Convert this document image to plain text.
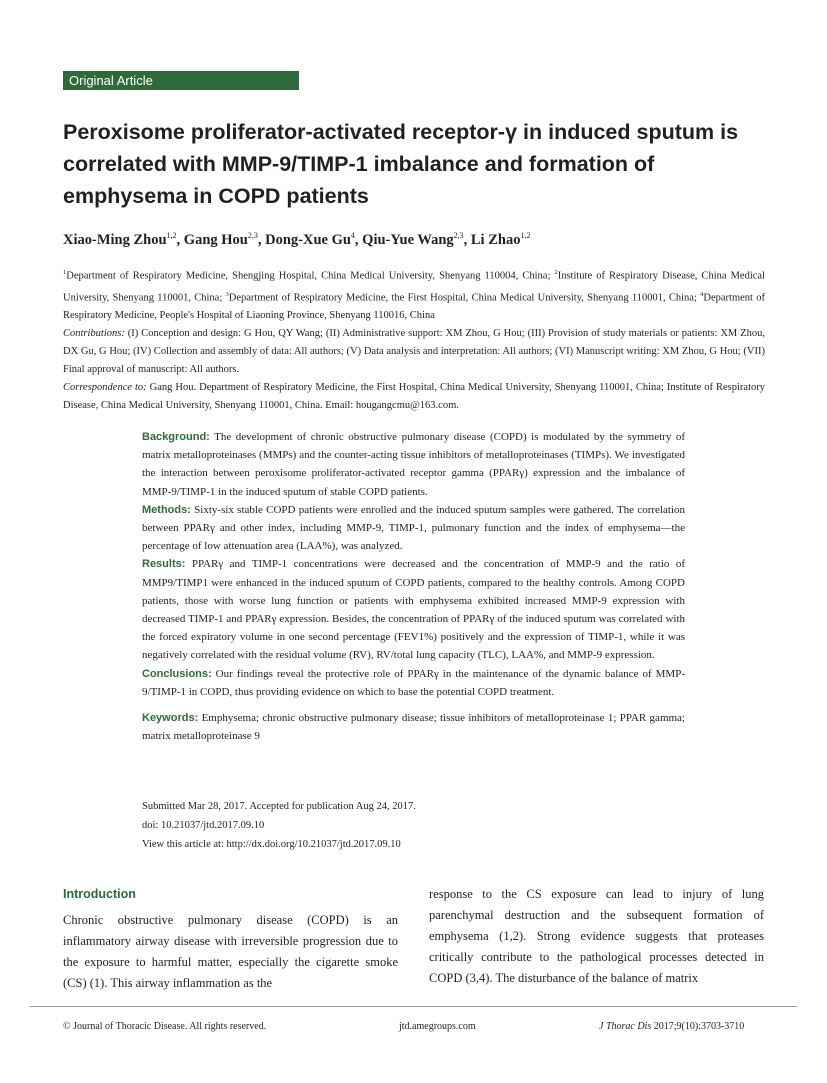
Original Article
Peroxisome proliferator-activated receptor-γ in induced sputum is correlated with MMP-9/TIMP-1 imbalance and formation of emphysema in COPD patients
Xiao-Ming Zhou$^{1,2}$, Gang Hou$^{2,3}$, Dong-Xue Gu$^4$, Qiu-Yue Wang$^{2,3}$, Li Zhao$^{1,2}$

$^1$Department of Respiratory Medicine, Shengjing Hospital, China Medical University, Shenyang 110004, China; $^2$Institute of Respiratory Disease, China Medical University, Shenyang 110001, China; $^3$Department of Respiratory Medicine, the First Hospital, China Medical University, Shenyang 110001, China; $^4$Department of Respiratory Medicine, People's Hospital of Liaoning Province, Shenyang 110016, China

Contributions: (I) Conception and design: G Hou, QY Wang; (II) Administrative support: XM Zhou, G Hou; (III) Provision of study materials or patients: XM Zhou, DX Gu, G Hou; (IV) Collection and assembly of data: All authors; (V) Data analysis and interpretation: All authors; (VI) Manuscript writing: XM Zhou, G Hou; (VII) Final approval of manuscript: All authors.

Correspondence to: Gang Hou. Department of Respiratory Medicine, the First Hospital, China Medical University, Shenyang 110001, China; Institute of Respiratory Disease, China Medical University, Shenyang 110001, China. Email: hougangcmu@163.com.

Background: The development of chronic obstructive pulmonary disease (COPD) is modulated by the symmetry of matrix metalloproteinases (MMPs) and the counter-acting tissue inhibitors of metalloproteinases (TIMPs). We investigated the interaction between peroxisome proliferator-activated receptor gamma (PPARγ) expression and the imbalance of MMP-9/TIMP-1 in the induced sputum of stable COPD patients.

Methods: Sixty-six stable COPD patients were enrolled and the induced sputum samples were gathered. The correlation between PPARγ and other index, including MMP-9, TIMP-1, pulmonary function and the index of emphysema—the percentage of low attenuation area (LAA%), was analyzed.

Results: PPARγ and TIMP-1 concentrations were decreased and the concentration of MMP-9 and the ratio of MMP9/TIMP1 were enhanced in the induced sputum of COPD patients, compared to the healthy controls. Among COPD patients, those with worse lung function or patients with emphysema exhibited increased MMP-9 expression with decreased TIMP-1 and PPARγ expression. Besides, the concentration of PPARγ of the induced sputum was correlated with the forced expiratory volume in one second percentage (FEV1%) positively and the expression of TIMP-1, while it was negatively correlated with the residual volume (RV), RV/total lung capacity (TLC), LAA%, and MMP-9 expression.

Conclusions: Our findings reveal the protective role of PPARγ in the maintenance of the dynamic balance of MMP-9/TIMP-1 in COPD, thus providing evidence on which to base the potential COPD treatment.

Keywords: Emphysema; chronic obstructive pulmonary disease; tissue inhibitors of metalloproteinase 1; PPAR gamma; matrix metalloproteinase 9

Submitted Mar 28, 2017. Accepted for publication Aug 24, 2017.
doi: 10.21037/jtd.2017.09.10
View this article at: http://dx.doi.org/10.21037/jtd.2017.09.10
Introduction

Chronic obstructive pulmonary disease (COPD) is an inflammatory airway disease with irreversible progression due to the exposure to harmful matter, especially the cigarette smoke (CS) (1). This airway inflammation as the

response to the CS exposure can lead to injury of lung parenchymal destruction and the subsequent formation of emphysema (1,2). Strong evidence suggests that proteases critically contribute to the pathological processes detected in COPD (3,4). The disturbance of the balance of matrix

© Journal of Thoracic Disease. All rights reserved.	jtd.amegroups.com	J Thorac Dis 2017;9(10):3703-3710
